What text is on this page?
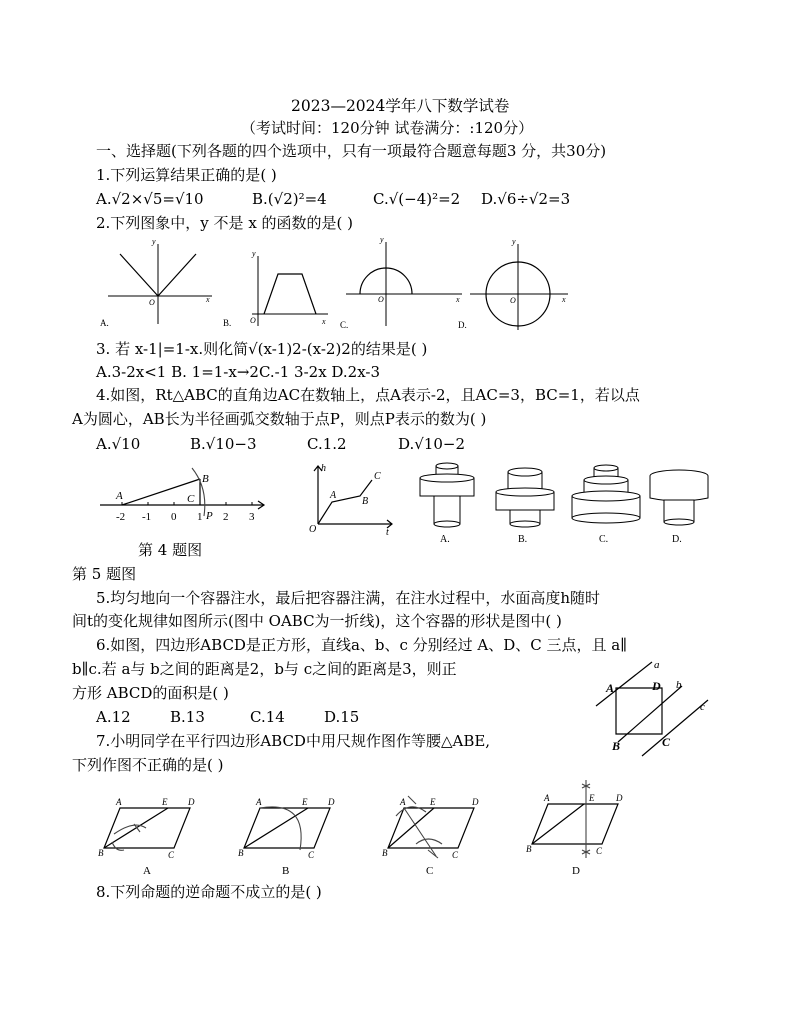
2023—2024学年八下数学试卷
（考试时间：120分钟 试卷满分：:120分）
一、选择题(下列各题的四个选项中，只有一项最符合题意每题3 分，共30分)
1.下列运算结果正确的是( )
A.√2×√5=√10	B.(√2)²=4	C.√(−4)²=2 D.√6÷√2=3
2.下列图象中，y 不是 x 的函数的是( )
y
x
O
A.
y
x
O
B.
y
x
O
C.
y
x
O
D.
3. 若 x-1|=1-x.则化简√(x-1)2-(x-2)2的结果是( )
A.3-2x<1 B. 1=1-x→2C.-1 3-2x D.2x-3
4.如图，Rt△ABC的直角边AC在数轴上，点A表示-2，且AC=3，BC=1，若以点
A为圆心，AB长为半径画弧交数轴于点P，则点P表示的数为( )
A.√10	B.√10−3	C.1.2	D.√10−2
A
B
C
P
-2 -1 0 1 2 3
第 4 题图
h
t
O
A
B
C
A.	B.	C.	D.
第 5 题图
5.均匀地向一个容器注水，最后把容器注满，在注水过程中，水面高度h随时
间t的变化规律如图所示(图中 OABC为一折线)，这个容器的形状是图中( )
6.如图，四边形ABCD是正方形，直线a、b、c 分别经过 A、D、C 三点，且 a∥
b∥c.若 a与 b之间的距离是2，b与 c之间的距离是3，则正
方形 ABCD的面积是( )
A.12	B.13	C.14	D.15
a
b
c
A	D
B	C
7.小明同学在平行四边形ABCD中用尺规作图作等腰△ABE,
下列作图不正确的是( )
A	E D
B	C
A
A	E D
B	C
B
A	E	D
B	C
C
A	E D
B	C
D
8.下列命题的逆命题不成立的是( )
